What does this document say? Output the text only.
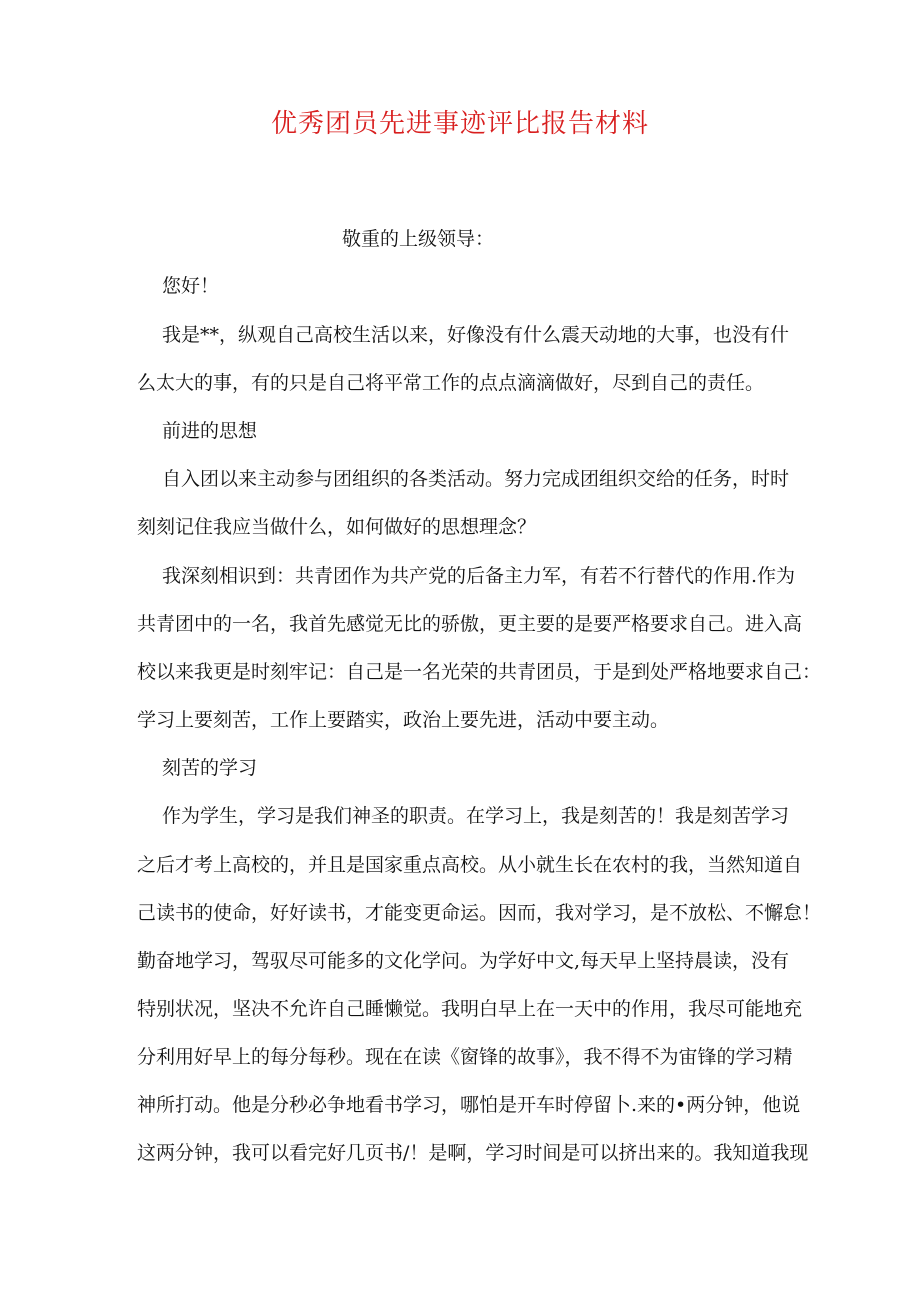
优秀团员先进事迹评比报告材料
敬重的上级领导：
您好！
我是**，纵观自己高校生活以来，好像没有什么震天动地的大事，也没有什
么太大的事，有的只是自己将平常工作的点点滴滴做好，尽到自己的责任。
前进的思想
自入团以来主动参与团组织的各类活动。努力完成团组织交给的任务，时时
刻刻记住我应当做什么，如何做好的思想理念？
我深刻相识到：共青团作为共产党的后备主力军，有若不行替代的作用.作为
共青团中的一名，我首先感觉无比的骄傲，更主要的是要严格要求自己。进入高
校以来我更是时刻牢记：自己是一名光荣的共青团员，于是到处严格地要求自己：
学习上要刻苦，工作上要踏实，政治上要先进，活动中要主动。
刻苦的学习
作为学生，学习是我们神圣的职责。在学习上，我是刻苦的！我是刻苦学习
之后才考上高校的，并且是国家重点高校。从小就生长在农村的我，当然知道自
己读书的使命，好好读书，才能变更命运。因而，我对学习，是不放松、不懈怠！
勤奋地学习，驾驭尽可能多的文化学问。为学好中文,每天早上坚持晨读，没有
特别状况，坚决不允许自己睡懒觉。我明白早上在一天中的作用，我尽可能地充
分利用好早上的每分每秒。现在在读《窗锋的故事》，我不得不为宙锋的学习精
神所打动。他是分秒必争地看书学习，哪怕是开车时停留卜.来的•两分钟，他说
这两分钟，我可以看完好几页书/！是啊，学习时间是可以挤出来的。我知道我现
